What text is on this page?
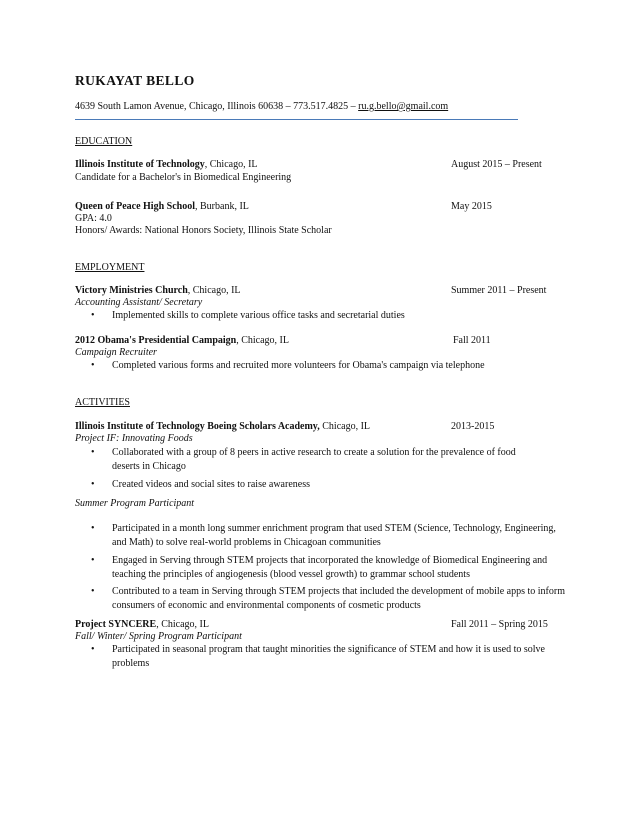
RUKAYAT BELLO
4639 South Lamon Avenue, Chicago, Illinois 60638 – 773.517.4825 – ru.g.bello@gmail.com
EDUCATION
Illinois Institute of Technology, Chicago, IL	August 2015 – Present
Candidate for a Bachelor's in Biomedical Engineering
Queen of Peace High School, Burbank, IL	May 2015
GPA: 4.0
Honors/ Awards: National Honors Society, Illinois State Scholar
EMPLOYMENT
Victory Ministries Church, Chicago, IL	Summer 2011 – Present
Accounting Assistant/ Secretary
• Implemented skills to complete various office tasks and secretarial duties
2012 Obama's Presidential Campaign, Chicago, IL	Fall 2011
Campaign Recruiter
• Completed various forms and recruited more volunteers for Obama's campaign via telephone
ACTIVITIES
Illinois Institute of Technology Boeing Scholars Academy, Chicago, IL	2013-2015
Project IF: Innovating Foods
• Collaborated with a group of 8 peers in active research to create a solution for the prevalence of food deserts in Chicago
• Created videos and social sites to raise awareness
Summer Program Participant
• Participated in a month long summer enrichment program that used STEM (Science, Technology, Engineering, and Math) to solve real-world problems in Chicagoan communities
• Engaged in Serving through STEM projects that incorporated the knowledge of Biomedical Engineering and teaching the principles of angiogenesis (blood vessel growth) to grammar school students
• Contributed to a team in Serving through STEM projects that included the development of mobile apps to inform consumers of economic and environmental components of cosmetic products
Project SYNCERE, Chicago, IL	Fall 2011 – Spring 2015
Fall/ Winter/ Spring Program Participant
• Participated in seasonal program that taught minorities the significance of STEM and how it is used to solve problems
